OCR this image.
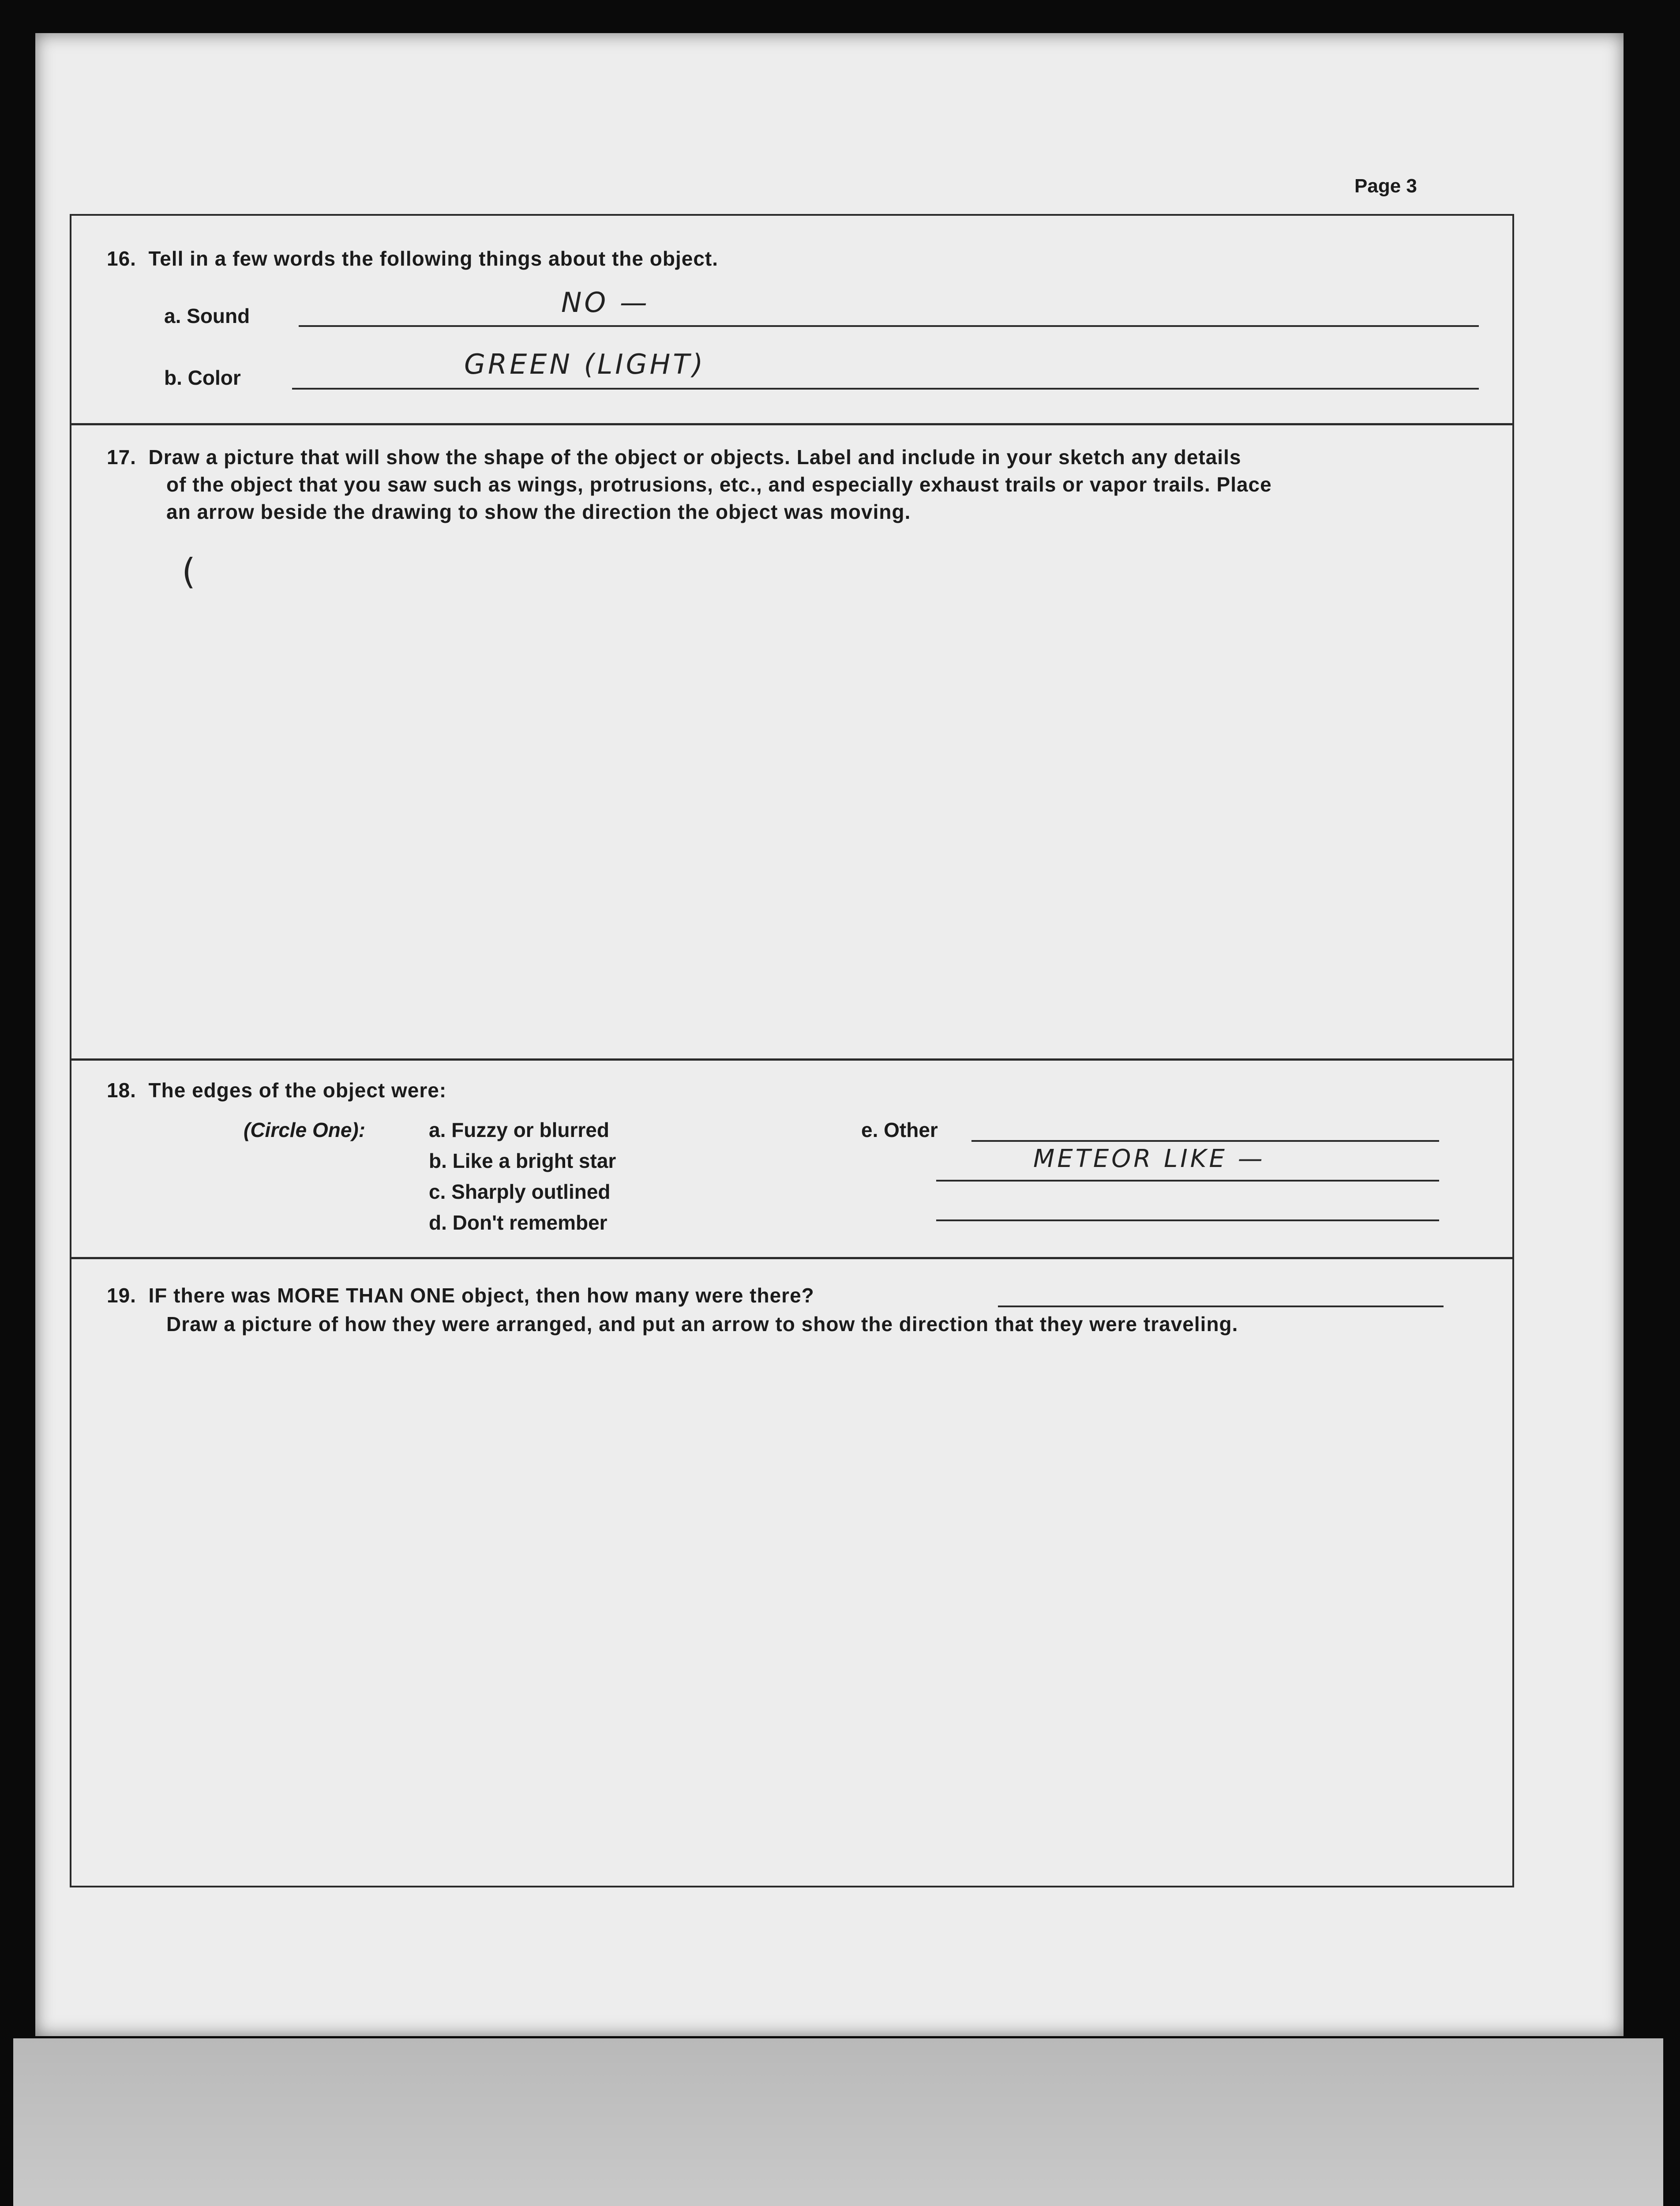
Page 3
16. Tell in a few words the following things about the object.
a. Sound	NO —
b. Color	GREEN (LIGHT)
17. Draw a picture that will show the shape of the object or objects. Label and include in your sketch any details
of the object that you saw such as wings, protrusions, etc., and especially exhaust trails or vapor trails. Place
an arrow beside the drawing to show the direction the object was moving.
(
18. The edges of the object were:
(Circle One):	a. Fuzzy or blurred
b. Like a bright star
c. Sharply outlined
d. Don't remember
e. Other
METEOR LIKE —
19. IF there was MORE THAN ONE object, then how many were there?
Draw a picture of how they were arranged, and put an arrow to show the direction that they were traveling.
